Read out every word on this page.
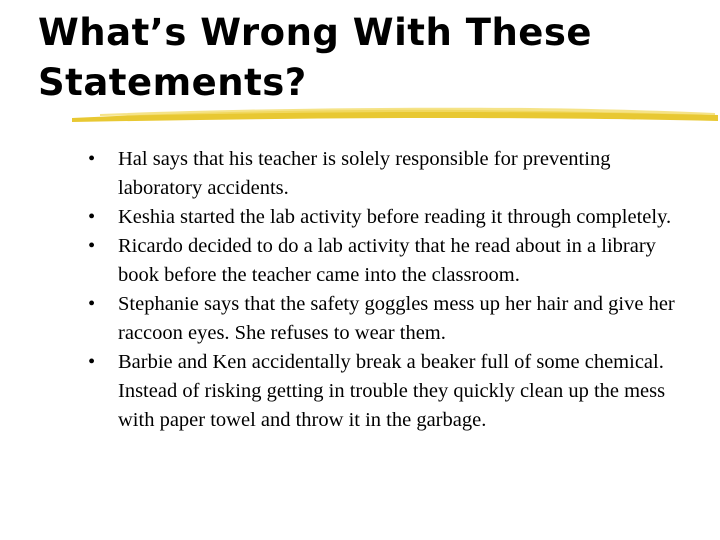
What’s Wrong With These
Statements?
• Hal says that his teacher is solely responsible for preventing laboratory accidents.
• Keshia started the lab activity before reading it through completely.
• Ricardo decided to do a lab activity that he read about in a library book before the teacher came into the classroom.
• Stephanie says that the safety goggles mess up her hair and give her raccoon eyes. She refuses to wear them.
• Barbie and Ken accidentally break a beaker full of some chemical. Instead of risking getting in trouble they quickly clean up the mess with paper towel and throw it in the garbage.
